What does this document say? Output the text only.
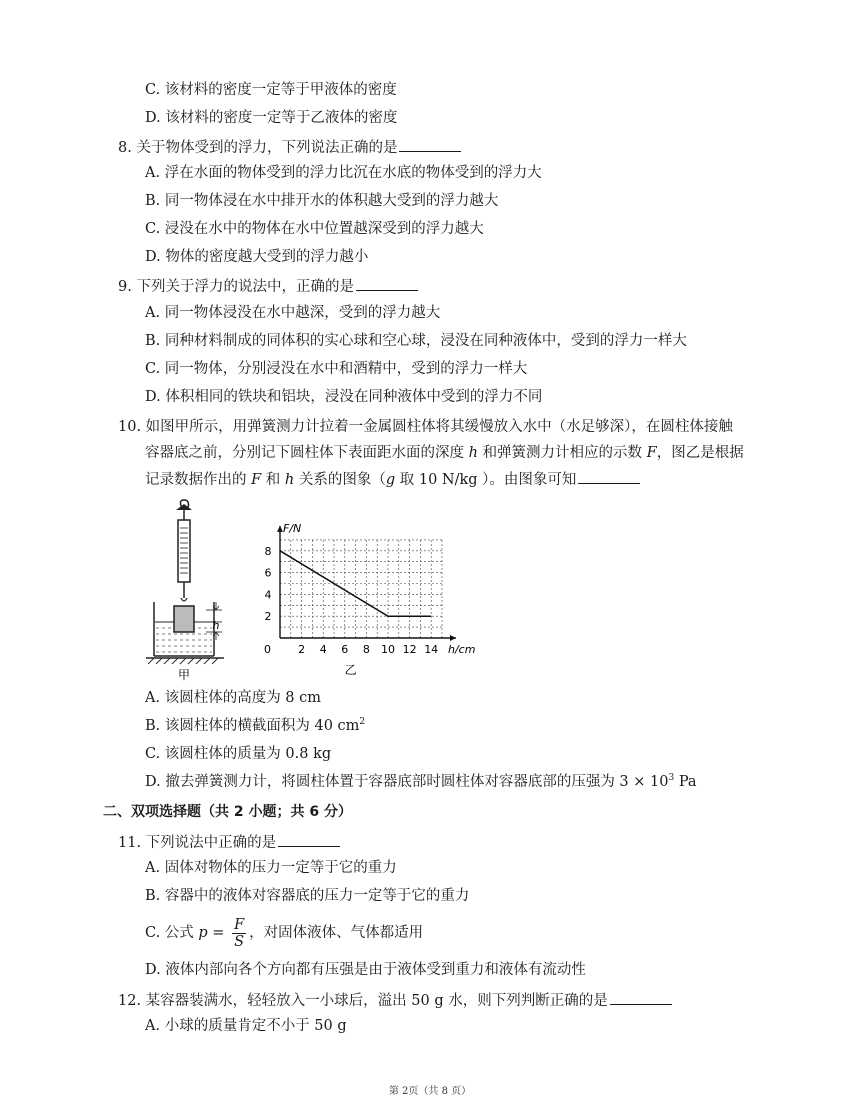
C. 该材料的密度一定等于甲液体的密度
D. 该材料的密度一定等于乙液体的密度
8. 关于物体受到的浮力，下列说法正确的是
A. 浮在水面的物体受到的浮力比沉在水底的物体受到的浮力大
B. 同一物体浸在水中排开水的体积越大受到的浮力越大
C. 浸没在水中的物体在水中位置越深受到的浮力越大
D. 物体的密度越大受到的浮力越小
9. 下列关于浮力的说法中，正确的是
A. 同一物体浸没在水中越深，受到的浮力越大
B. 同种材料制成的同体积的实心球和空心球，浸没在同种液体中，受到的浮力一样大
C. 同一物体，分别浸没在水中和酒精中，受到的浮力一样大
D. 体积相同的铁块和铝块，浸没在同种液体中受到的浮力不同
10. 如图甲所示，用弹簧测力计拉着一金属圆柱体将其缓慢放入水中（水足够深），在圆柱体接触
容器底之前，分别记下圆柱体下表面距水面的深度 h 和弹簧测力计相应的示数 F，图乙是根据
记录数据作出的 F 和 h 关系的图象（g 取 10 N/kg ）。由图象可知
h
甲
2 4 6 8 10 12 14
2
4
6
8
F/N
h/cm
0
乙
A. 该圆柱体的高度为 8 cm
B. 该圆柱体的横截面积为 40 $cm^2$
C. 该圆柱体的质量为 0.8 kg
D. 撤去弹簧测力计，将圆柱体置于容器底部时圆柱体对容器底部的压强为 $3 \times 10^3$ Pa
二、双项选择题（共 2 小题；共 6 分）
11. 下列说法中正确的是
A. 固体对物体的压力一定等于它的重力
B. 容器中的液体对容器底的压力一定等于它的重力
C. 公式 $p = \frac{F}{S}$ ，对固体液体、气体都适用
D. 液体内部向各个方向都有压强是由于液体受到重力和液体有流动性
12. 某容器装满水，轻轻放入一小球后，溢出 50 g 水，则下列判断正确的是
A. 小球的质量肯定不小于 50 g
第 2页（共 8 页）
